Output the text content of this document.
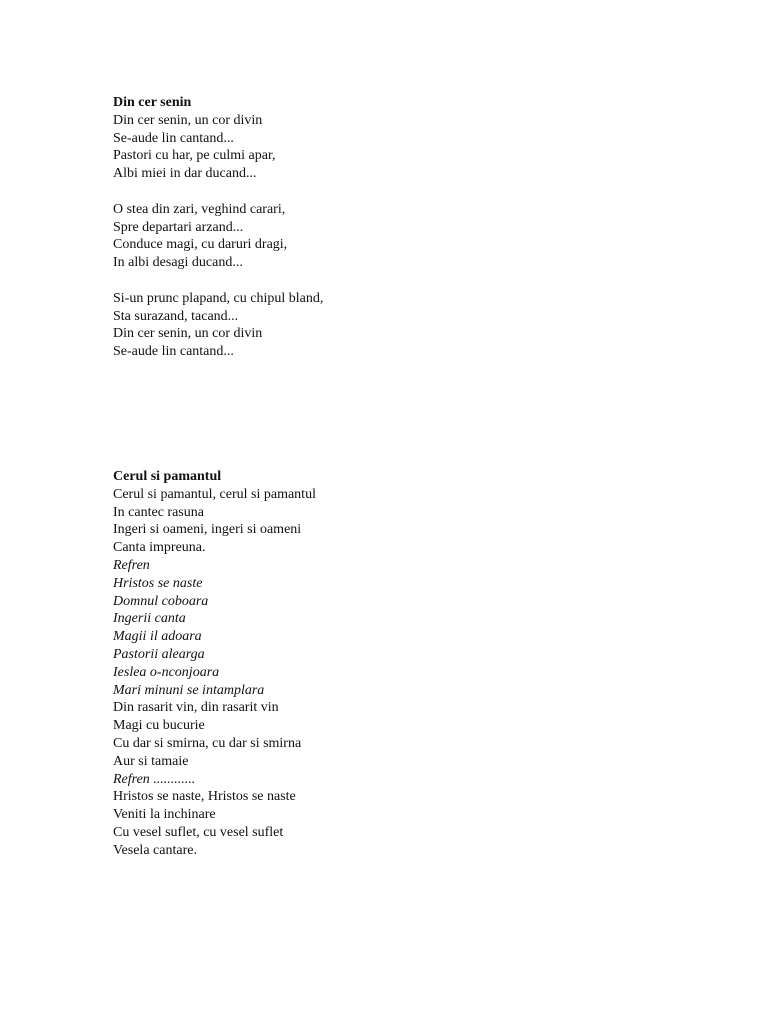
Din cer senin
Din cer senin, un cor divin
Se-aude lin cantand...
Pastori cu har, pe culmi apar,
Albi miei in dar ducand...
O stea din zari, veghind carari,
Spre departari arzand...
Conduce magi, cu daruri dragi,
In albi desagi ducand...
Si-un prunc plapand, cu chipul bland,
Sta surazand, tacand...
Din cer senin, un cor divin
Se-aude lin cantand...
Cerul si pamantul
Cerul si pamantul, cerul si pamantul
In cantec rasuna
Ingeri si oameni, ingeri si oameni
Canta impreuna.
Refren
Hristos se naste
Domnul coboara
Ingerii canta
Magii il adoara
Pastorii alearga
Ieslea o-nconjoara
Mari minuni se intamplara
Din rasarit vin, din rasarit vin
Magi cu bucurie
Cu dar si smirna, cu dar si smirna
Aur si tamaie
Refren ............
Hristos se naste, Hristos se naste
Veniti la inchinare
Cu vesel suflet, cu vesel suflet
Vesela cantare.
